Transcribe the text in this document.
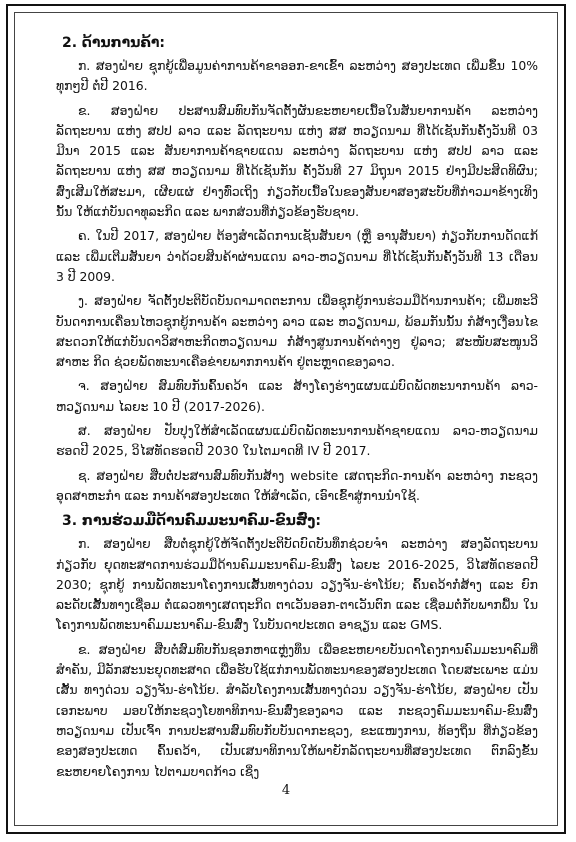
2. ດ້ານການຄ້າ:
ກ. ສອງຝ່າຍ ຊຸກຍູ້ເພື່ອມູນຄ່າການຄ້າຂາອອກ-ຂາເຂົ້າ ລະຫວ່າງ ສອງປະເທດ ເພີ່ມຂຶ້ນ 10% ທຸກໆປີ ຕໍ່ປີ 2016.
ຂ. ສອງຝ່າຍ ປະສານສົມທົບກັນຈັດຕັ້ງຜັນຂະຫຍາຍເນື້ອໃນສັນຍາການຄ້າ ລະຫວ່າງ ລັດຖະບານ ແຫ່ງ ສປປ ລາວ ແລະ ລັດຖະບານ ແຫ່ງ ສສ ຫວຽດນາມ ທີ່ໄດ້ເຊັນກັນຄັ້ງວັນທີ 03 ມີນາ 2015 ແລະ ສັນຍາການຄ້າຊາຍແດນ ລະຫວ່າງ ລັດຖະບານ ແຫ່ງ ສປປ ລາວ ແລະ ລັດຖະບານ ແຫ່ງ ສສ ຫວຽດນາມ ທີ່ໄດ້ເຊັນກັນ ຄັ້ງວັນທີ 27 ມິຖຸນາ 2015 ຢ່າງມີປະສິດທິຜົນ; ສົ່ງເສີມໃຫ້ສະມາ, ເຜີຍແຜ່ ຢ່າງທົ່ວເຖິງ ກ່ຽວກັບເນື້ອໃນຂອງສັນຍາສອງສະບັບທີ່ກ່າວມາຂ້າງເທິງນັ້ນ ໃຫ້ແກ່ບັນດາທຸລະກິດ ແລະ ພາກສ່ວນທີ່ກ່ຽວຂ້ອງຮັບຊາບ.
ຄ. ໃນປີ 2017, ສອງຝ່າຍ ຕ້ອງສຳເລັດການເຊັນສັນຍາ (ຫຼື ອານຸສັນຍາ) ກ່ຽວກັບການດັດແກ້ ແລະ ເພີ່ມເຕີມສັນຍາ ວ່າດ້ວຍສິນຄ້າຜ່ານແດນ ລາວ-ຫວຽດນາມ ທີ່ໄດ້ເຊັນກັນຄັ້ງວັນທີ 13 ເດືອນ 3 ປີ 2009.
ງ. ສອງຝ່າຍ ຈັດຕັ້ງປະຕິບັດບັນດາມາດຕະການ ເພື່ອຊຸກຍູ້ການຮ່ວມມືດ້ານການຄ້າ; ເພີ່ມທະວີ ບັນດາການເຄື່ອນໄຫວຊຸກຍູ້ການຄ້າ ລະຫວ່າງ ລາວ ແລະ ຫວຽດນາມ, ພ້ອມກັນນັ້ນ ກໍສ້າງເງື່ອນໄຂ ສະດວກໃຫ້ແກ່ບັນດາວິສາຫະກິດຫວຽດນາມ ກໍ່ສ້າງສູນການຄ້າຕ່າງໆ ຢູ່ລາວ; ສະໜັບສະໜູນວິສາຫະ ກິດ ຊ່ວຍພັດທະນາເຄືອຂ່າຍພາກການຄ້າ ຢູ່ຕະຫຼາດຂອງລາວ.
ຈ. ສອງຝ່າຍ ສົມທົບກັນຄົ້ນຄວ້າ ແລະ ສ້າງໂຄງຮ່າງແຜນແມ່ບົດພັດທະນາການຄ້າ ລາວ-ຫວຽດນາມ ໄລຍະ 10 ປີ (2017-2026).
ສ. ສອງຝ່າຍ ປັບປຸງໃຫ້ສຳເລັດແຜນແມ່ບົດພັດທະນາການຄ້າຊາຍແດນ ລາວ-ຫວຽດນາມ ຮອດປີ 2025, ວິໄສທັດຮອດປີ 2030 ໃນໄຕມາດທີ IV ປີ 2017.
ຊ. ສອງຝ່າຍ ສືບຕໍ່ປະສານສົມທົບກັນສ້າງ website ເສດຖະກິດ-ການຄ້າ ລະຫວ່າງ ກະຊວງອຸດສາຫະກຳ ແລະ ການຄ້າສອງປະເທດ ໃຫ້ສຳເລັດ, ເອົາເຂົ້າສູ່ການນຳໃຊ້.
3. ການຮ່ວມມືດ້ານຄົມມະນາຄົມ-ຂົນສົ່ງ:
ກ. ສອງຝ່າຍ ສືບຕໍ່ຊຸກຍູ້ໃຫ້ຈັດຕັ້ງປະຕິບັດບົດບັນທຶກຊ່ວຍຈຳ ລະຫວ່າງ ສອງລັດຖະບານ ກ່ຽວກັບ ຍຸດທະສາດການຮ່ວມມືດ້ານຄົມມະນາຄົມ-ຂົນສົ່ງ ໄລຍະ 2016-2025, ວິໄສທັດຮອດປີ 2030; ຊຸກຍູ້ ການພັດທະນາໂຄງການເສັ້ນທາງດ່ວນ ວຽງຈັນ-ຮ່າໂນ້ຍ; ຄົ້ນຄວ້າກໍ່ສ້າງ ແລະ ຍົກລະດັບເສັ້ນທາງເຊື່ອມ ຕໍ່ແລວທາງເສດຖະກິດ ຕາເວັນອອກ-ຕາເວັນຕົກ ແລະ ເຊື່ອມຕໍ່ກັບພາກພື້ນ ໃນໂຄງການພັດທະນາຄົມມະນາຄົມ-ຂົນສົ່ງ ໃນບັນດາປະເທດ ອາຊຽນ ແລະ GMS.
ຂ. ສອງຝ່າຍ ສືບຕໍ່ສົມທົບກັນຊອກຫາແຫຼ່ງທຶນ ເພື່ອຂະຫຍາຍບັນດາໂຄງການຄົມມະນາຄົມທີ່ ສຳຄັນ, ມີລັກສະນະຍຸດທະສາດ ເພື່ອຮັບໃຊ້ແກ່ການພັດທະນາຂອງສອງປະເທດ ໂດຍສະເພາະ ແມ່ນເສັ້ນ ທາງດ່ວນ ວຽງຈັນ-ຮ່າໂນ້ຍ. ສຳລັບໂຄງການເສັ້ນທາງດ່ວນ ວຽງຈັນ-ຮ່າໂນ້ຍ, ສອງຝ່າຍ ເປັນເອກະພາບ ມອບໃຫ້ກະຊວງໂຍທາທິການ-ຂົນສົ່ງຂອງລາວ ແລະ ກະຊວງຄົມມະນາຄົມ-ຂົນສົ່ງຫວຽດນາມ ເປັນເຈົ້າ ການປະສານສົມທົບກັບບັນດາກະຊວງ, ຂະແໜງການ, ທ້ອງຖິ່ນ ທີ່ກ່ຽວຂ້ອງຂອງສອງປະເທດ ຄົ້ນຄວ້າ, ເປັນເສນາທິການໃຫ້ພາຍັກລັດຖະບານທີ່ສອງປະເທດ ຕົກລົງຂັ້ນຂະຫຍາຍໂຄງການ ໄປຕາມບາດກ້າວ ເຊິ່ງ
4
